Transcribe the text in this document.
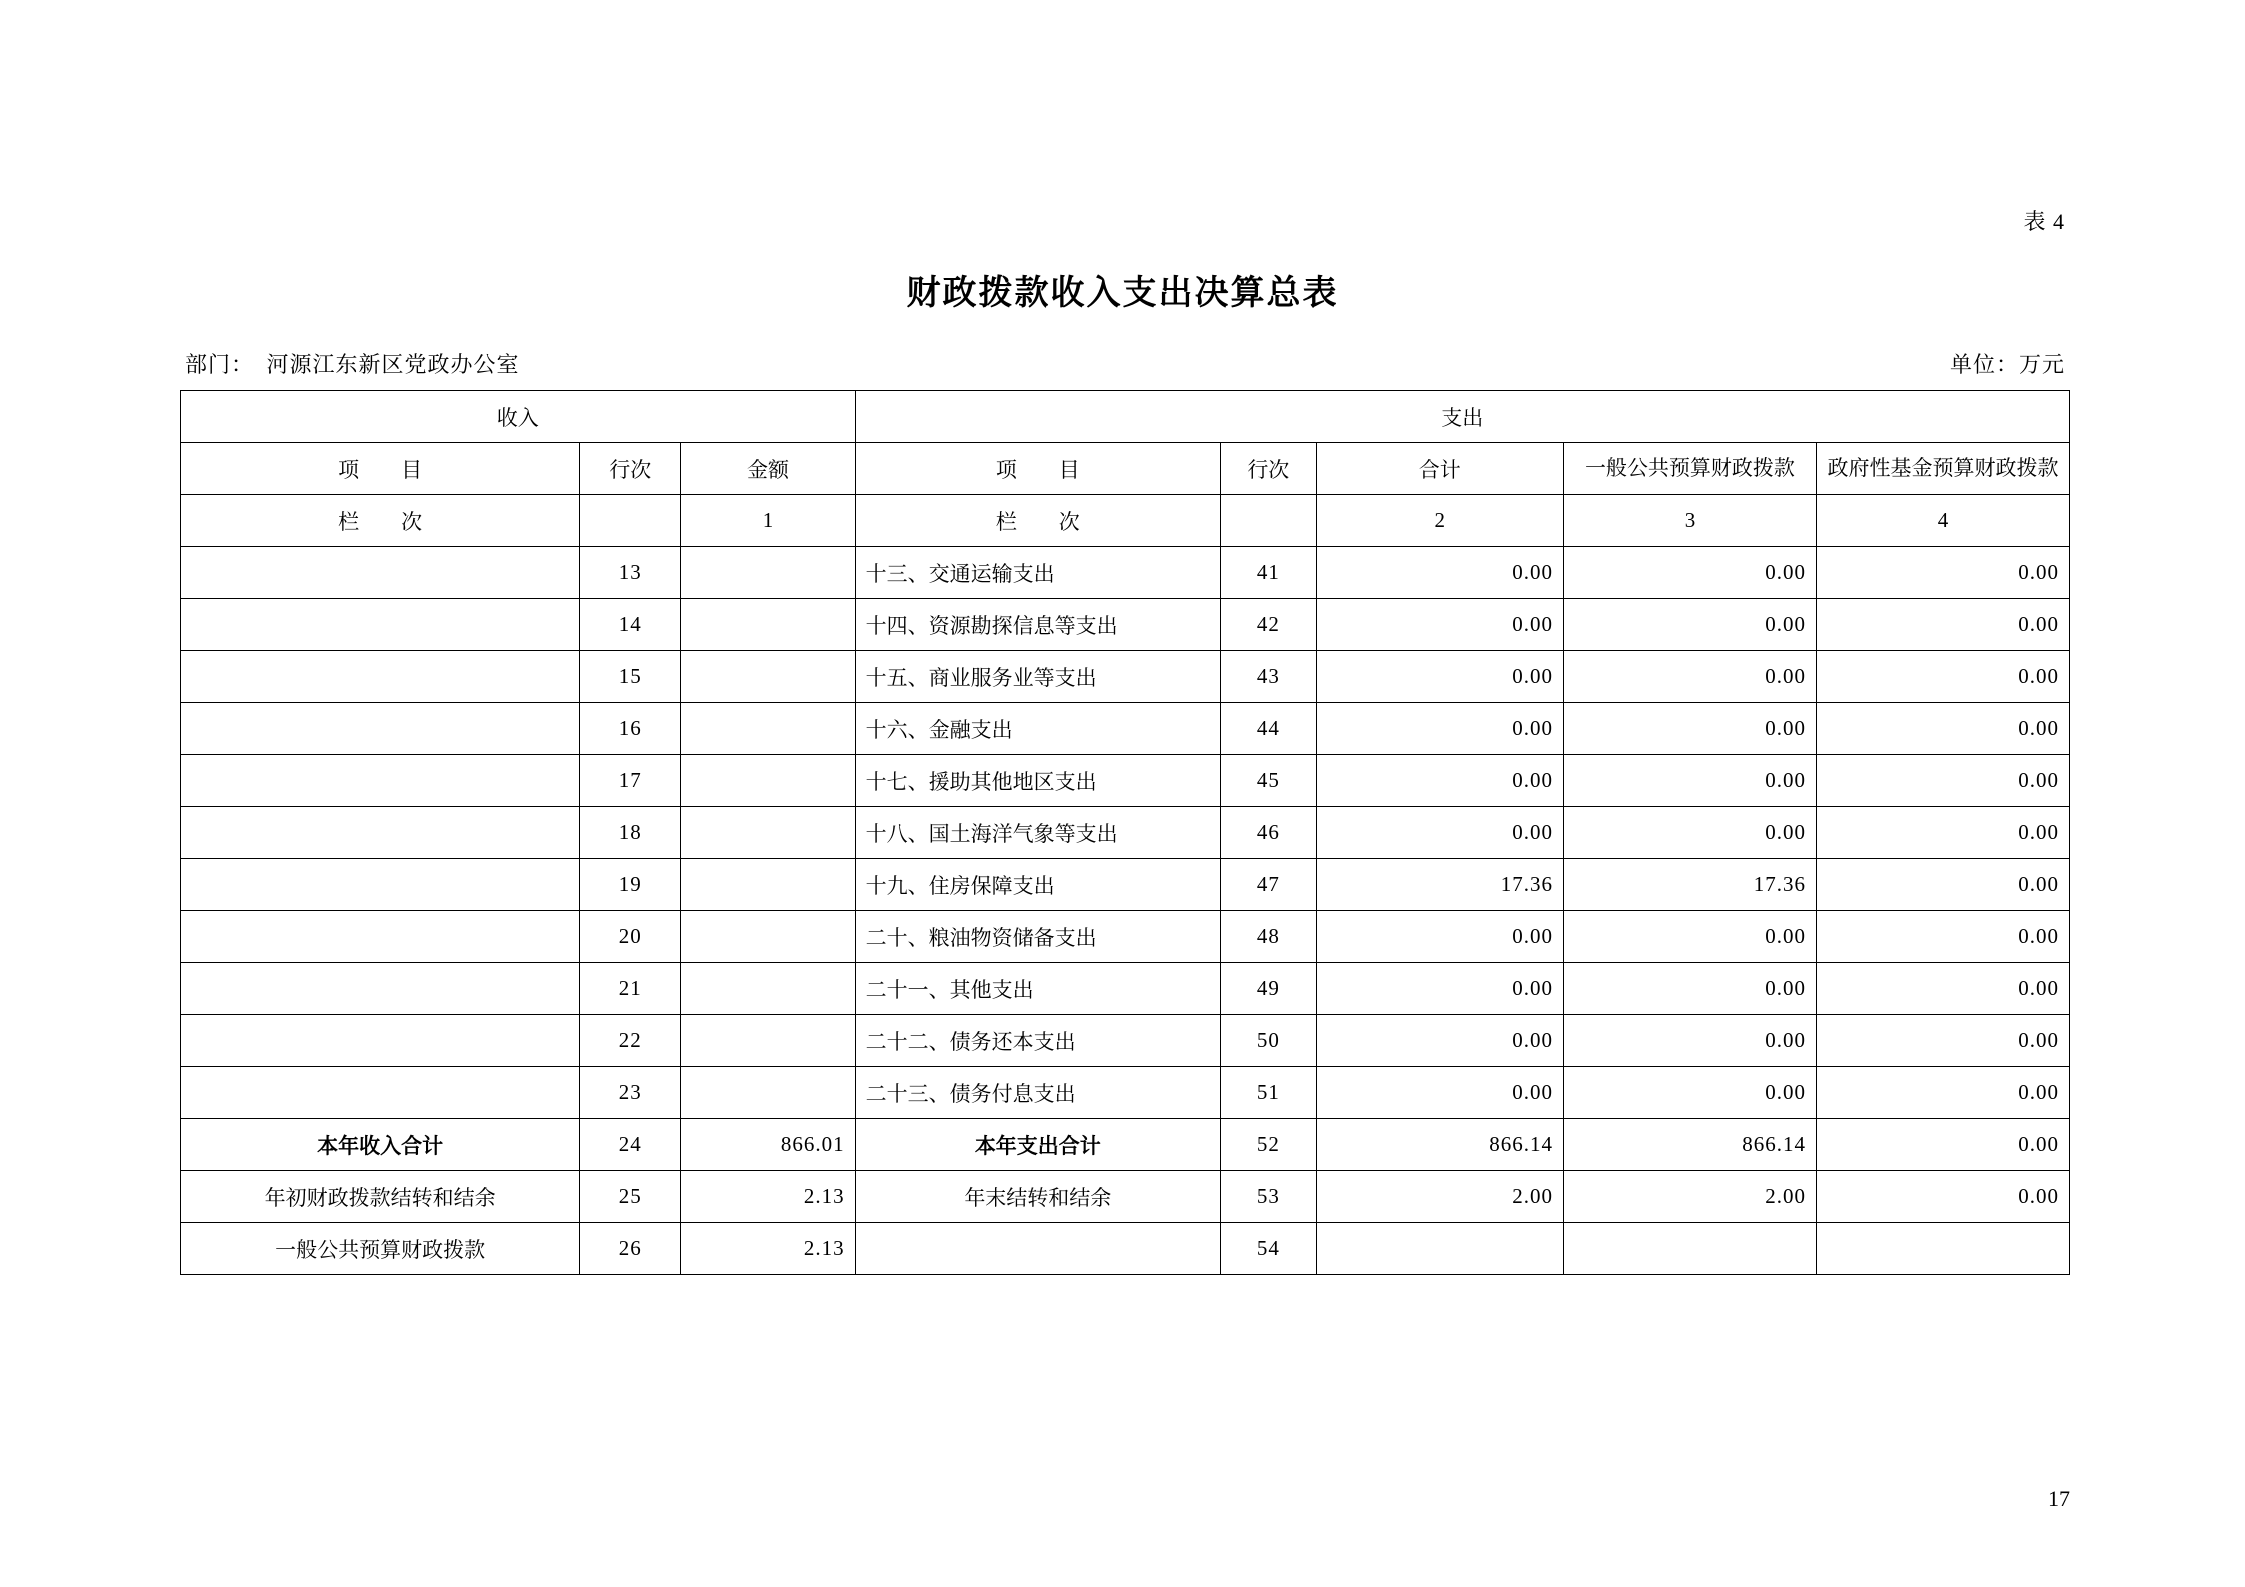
表 4
财政拨款收入支出决算总表
部门： 河源江东新区党政办公室	单位：万元
收入			支出				
项　　目	行次	金额	项　　目	行次	合计	一般公共预算财政拨款	政府性基金预算财政拨款
栏　　次		1	栏　　次		2	3	4
	13		十三、交通运输支出	41	0.00	0.00	0.00
	14		十四、资源勘探信息等支出	42	0.00	0.00	0.00
	15		十五、商业服务业等支出	43	0.00	0.00	0.00
	16		十六、金融支出	44	0.00	0.00	0.00
	17		十七、援助其他地区支出	45	0.00	0.00	0.00
	18		十八、国土海洋气象等支出	46	0.00	0.00	0.00
	19		十九、住房保障支出	47	17.36	17.36	0.00
	20		二十、粮油物资储备支出	48	0.00	0.00	0.00
	21		二十一、其他支出	49	0.00	0.00	0.00
	22		二十二、债务还本支出	50	0.00	0.00	0.00
	23		二十三、债务付息支出	51	0.00	0.00	0.00
本年收入合计	24	866.01	本年支出合计	52	866.14	866.14	0.00
年初财政拨款结转和结余	25	2.13	年末结转和结余	53	2.00	2.00	0.00
一般公共预算财政拨款	26	2.13		54			
17
